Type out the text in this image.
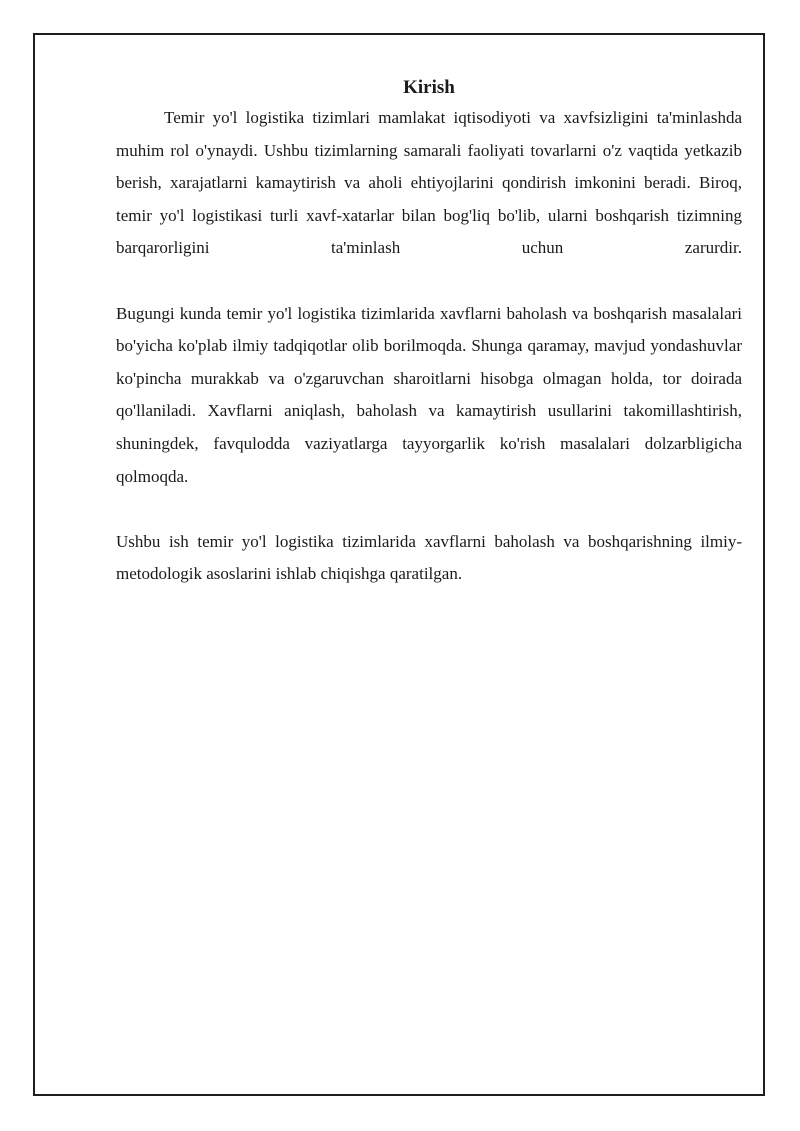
Kirish

Temir yo'l logistika tizimlari mamlakat iqtisodiyoti va xavfsizligini ta'minlashda muhim rol o'ynaydi. Ushbu tizimlarning samarali faoliyati tovarlarni o'z vaqtida yetkazib berish, xarajatlarni kamaytirish va aholi ehtiyojlarini qondirish imkonini beradi. Biroq, temir yo'l logistikasi turli xavf-xatarlar bilan bog'liq bo'lib, ularni boshqarish tizimning barqarorligini ta'minlash uchun zarurdir.

Bugungi kunda temir yo'l logistika tizimlarida xavflarni baholash va boshqarish masalalari bo'yicha ko'plab ilmiy tadqiqotlar olib borilmoqda. Shunga qaramay, mavjud yondashuvlar ko'pincha murakkab va o'zgaruvchan sharoitlarni hisobga olmagan holda, tor doirada qo'llaniladi. Xavflarni aniqlash, baholash va kamaytirish usullarini takomillashtirish, shuningdek, favqulodda vaziyatlarga tayyorgarlik ko'rish masalalari dolzarbligicha qolmoqda.

Ushbu ish temir yo'l logistika tizimlarida xavflarni baholash va boshqarishning ilmiy-metodologik asoslarini ishlab chiqishga qaratilgan.
